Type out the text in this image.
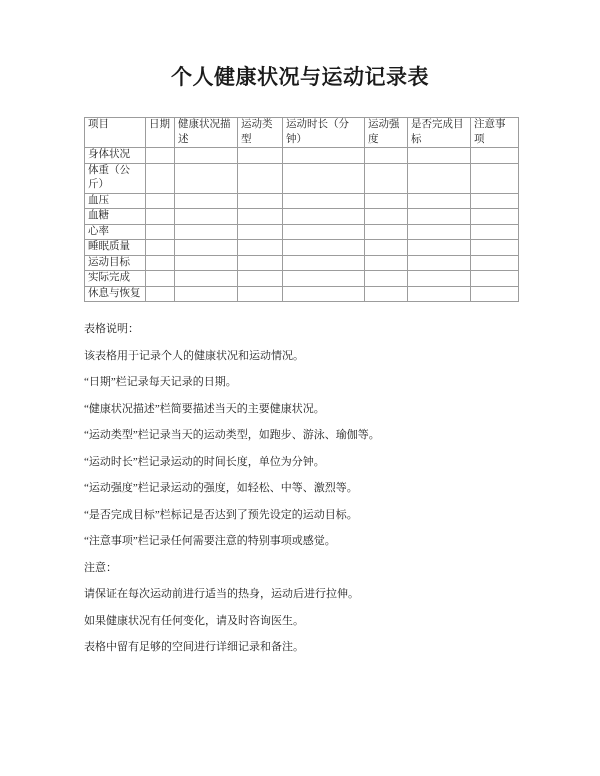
个人健康状况与运动记录表
项目	日期	健康状况描述	运动类型	运动时长（分钟）	运动强度	是否完成目标	注意事项
身体状况							
体重（公斤）							
血压							
血糖							
心率							
睡眠质量							
运动目标							
实际完成							
休息与恢复							
表格说明：
该表格用于记录个人的健康状况和运动情况。
“日期”栏记录每天记录的日期。
“健康状况描述”栏简要描述当天的主要健康状况。
“运动类型”栏记录当天的运动类型，如跑步、游泳、瑜伽等。
“运动时长”栏记录运动的时间长度，单位为分钟。
“运动强度”栏记录运动的强度，如轻松、中等、激烈等。
“是否完成目标”栏标记是否达到了预先设定的运动目标。
“注意事项”栏记录任何需要注意的特别事项或感觉。
注意：
请保证在每次运动前进行适当的热身，运动后进行拉伸。
如果健康状况有任何变化，请及时咨询医生。
表格中留有足够的空间进行详细记录和备注。
